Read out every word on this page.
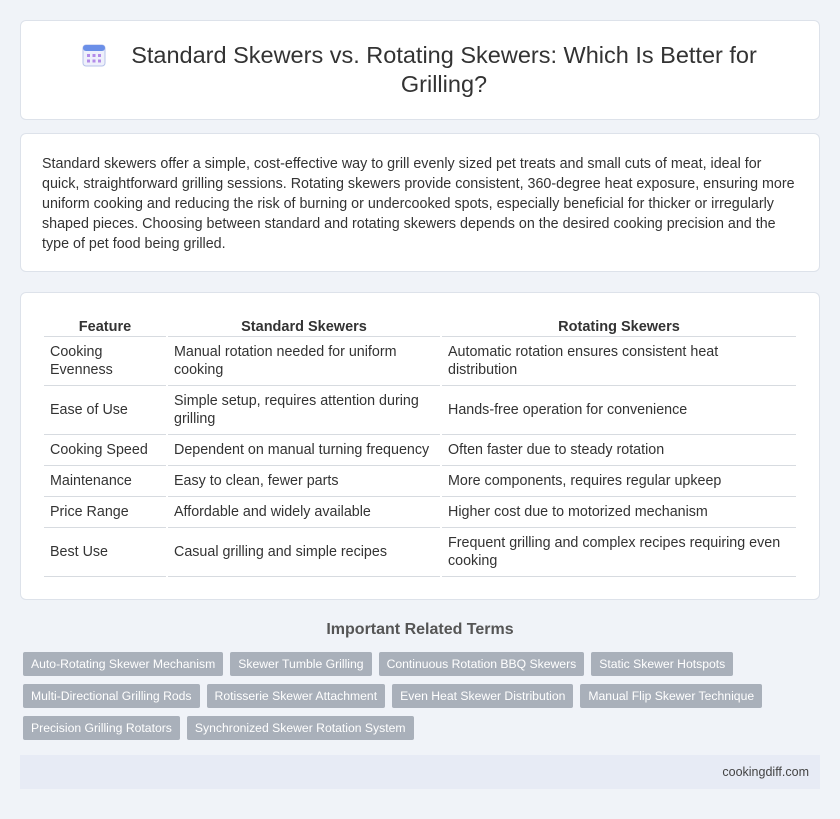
Standard Skewers vs. Rotating Skewers: Which Is Better for Grilling?

Standard skewers offer a simple, cost-effective way to grill evenly sized pet treats and small cuts of meat, ideal for quick, straightforward grilling sessions. Rotating skewers provide consistent, 360-degree heat exposure, ensuring more uniform cooking and reducing the risk of burning or undercooked spots, especially beneficial for thicker or irregularly shaped pieces. Choosing between standard and rotating skewers depends on the desired cooking precision and the type of pet food being grilled.

Feature	Standard Skewers	Rotating Skewers
Cooking Evenness	Manual rotation needed for uniform cooking	Automatic rotation ensures consistent heat distribution
Ease of Use	Simple setup, requires attention during grilling	Hands-free operation for convenience
Cooking Speed	Dependent on manual turning frequency	Often faster due to steady rotation
Maintenance	Easy to clean, fewer parts	More components, requires regular upkeep
Price Range	Affordable and widely available	Higher cost due to motorized mechanism
Best Use	Casual grilling and simple recipes	Frequent grilling and complex recipes requiring even cooking
Important Related Terms
Auto-Rotating Skewer Mechanism	Skewer Tumble Grilling	Continuous Rotation BBQ Skewers	Static Skewer Hotspots
Multi-Directional Grilling Rods	Rotisserie Skewer Attachment	Even Heat Skewer Distribution	Manual Flip Skewer Technique
Precision Grilling Rotators	Synchronized Skewer Rotation System
cookingdiff.com
